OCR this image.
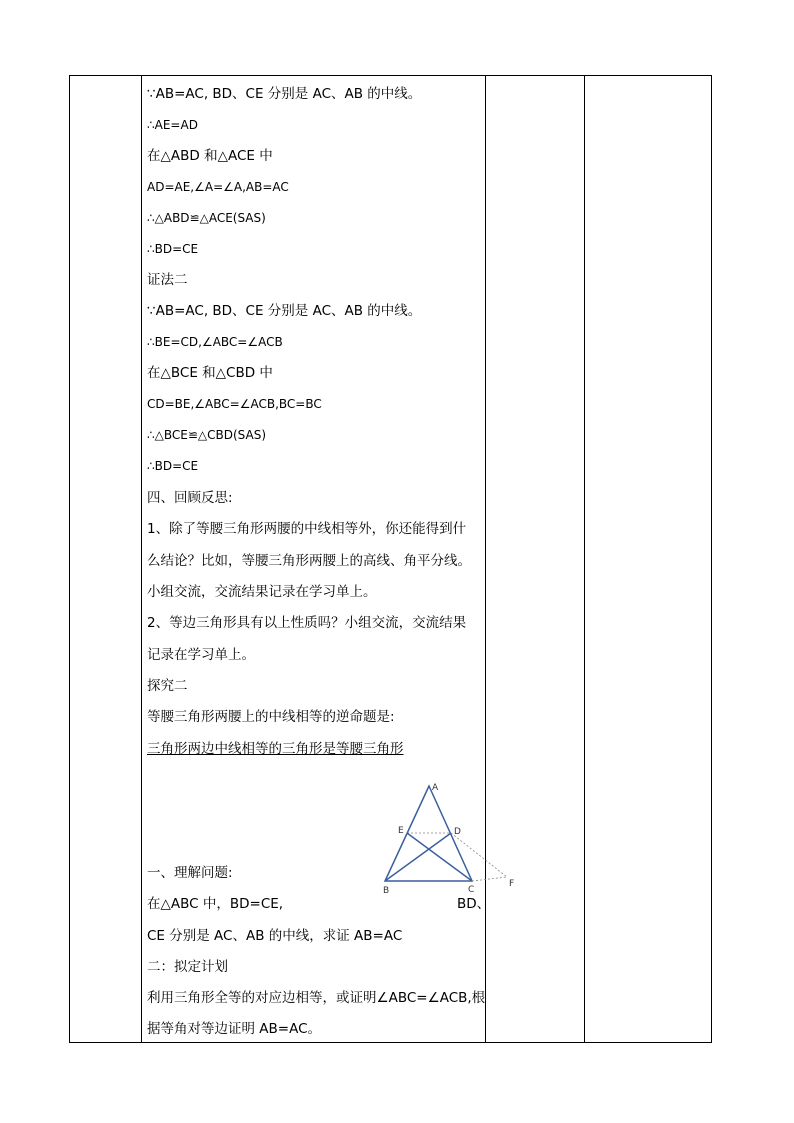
∵AB=AC, BD、CE 分别是 AC、AB 的中线。
∴AE=AD
在△ABD 和△ACE 中
AD=AE,∠A=∠A,AB=AC
∴△ABD≌△ACE(SAS)
∴BD=CE
证法二
∵AB=AC, BD、CE 分别是 AC、AB 的中线。
∴BE=CD,∠ABC=∠ACB
在△BCE 和△CBD 中
CD=BE,∠ABC=∠ACB,BC=BC
∴△BCE≌△CBD(SAS)
∴BD=CE
四、回顾反思:
1、除了等腰三角形两腰的中线相等外，你还能得到什
么结论？比如，等腰三角形两腰上的高线、角平分线。
小组交流，交流结果记录在学习单上。
2、等边三角形具有以上性质吗？小组交流，交流结果
记录在学习单上。
探究二
等腰三角形两腰上的中线相等的逆命题是:
三角形两边中线相等的三角形是等腰三角形
一、理解问题:
在△ABC 中，BD=CE,	BD、
CE 分别是 AC、AB 的中线，求证 AB=AC
二：拟定计划
利用三角形全等的对应边相等，或证明∠ABC=∠ACB,根
据等角对等边证明 AB=AC。
A
E	D
B	C
F
